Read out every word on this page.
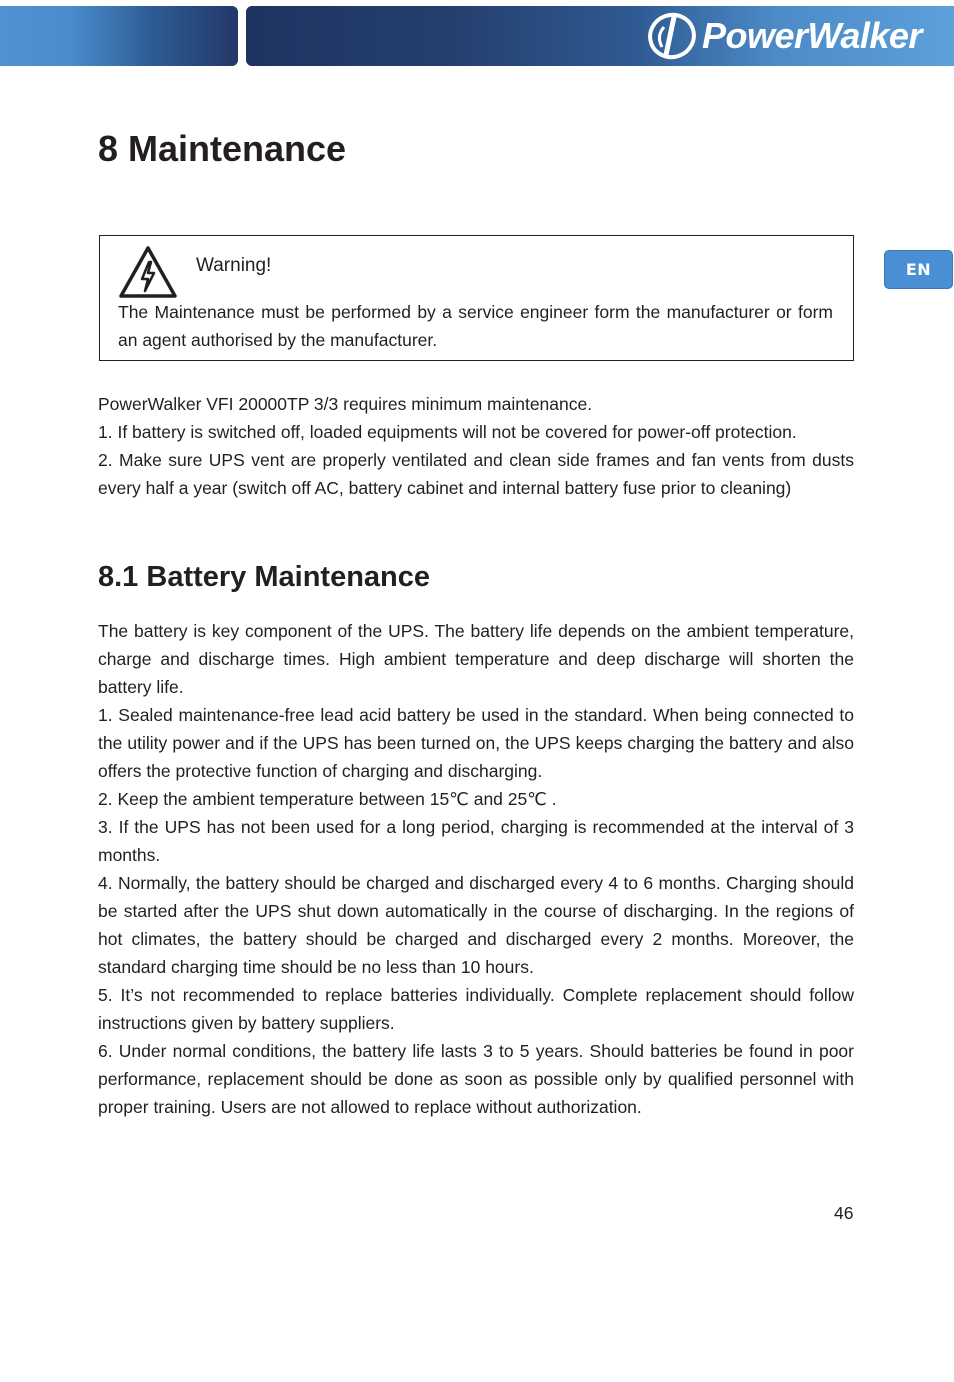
PowerWalker
EN
8 Maintenance
Warning!
The Maintenance must be performed by a service engineer form the manufacturer or form an agent authorised by the manufacturer.

PowerWalker VFI 20000TP 3/3 requires minimum maintenance.

1. If battery is switched off, loaded equipments will not be covered for power-off protection.

2. Make sure UPS vent are properly ventilated and clean side frames and fan vents from dusts every half a year (switch off AC, battery cabinet and internal battery fuse prior to cleaning)

8.1 Battery Maintenance

The battery is key component of the UPS. The battery life depends on the ambient temperature, charge and discharge times. High ambient temperature and deep discharge will shorten the battery life.

1. Sealed maintenance-free lead acid battery be used in the standard. When being connected to the utility power and if the UPS has been turned on, the UPS keeps charging the battery and also offers the protective function of charging and discharging.

2. Keep the ambient temperature between 15℃ and 25℃ .

3. If the UPS has not been used for a long period, charging is recommended at the interval of 3 months.

4. Normally, the battery should be charged and discharged every 4 to 6 months. Charging should be started after the UPS shut down automatically in the course of discharging. In the regions of hot climates, the battery should be charged and discharged every 2 months. Moreover, the standard charging time should be no less than 10 hours.

5. It’s not recommended to replace batteries individually. Complete replacement should follow instructions given by battery suppliers.

6. Under normal conditions, the battery life lasts 3 to 5 years. Should batteries be found in poor performance, replacement should be done as soon as possible only by qualified personnel with proper training. Users are not allowed to replace without authorization.

46
